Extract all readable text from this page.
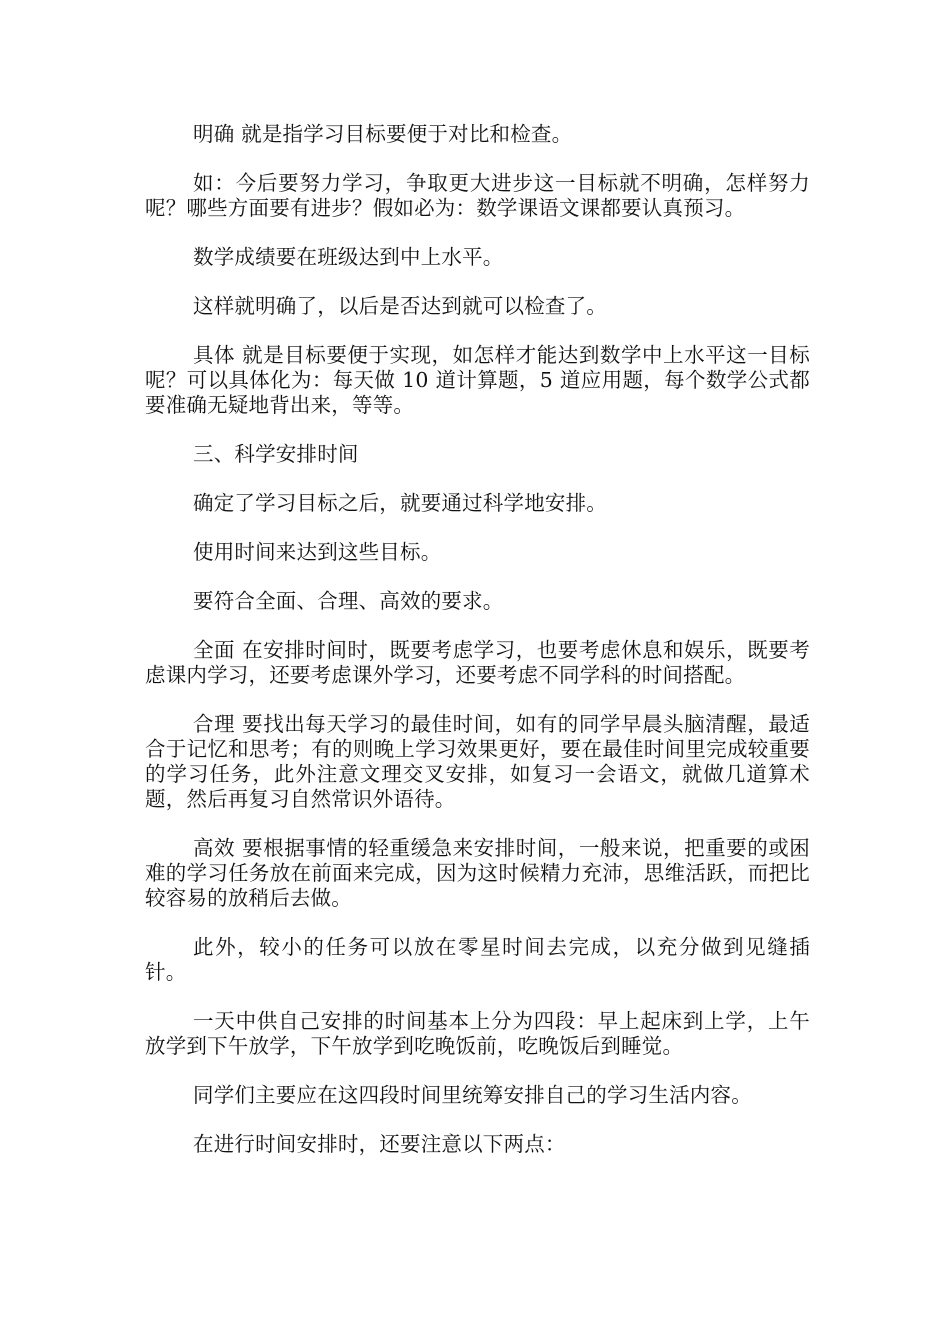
明确 就是指学习目标要便于对比和检查。

如：今后要努力学习，争取更大进步这一目标就不明确，怎样努力呢？哪些方面要有进步？假如必为：数学课语文课都要认真预习。

数学成绩要在班级达到中上水平。

这样就明确了，以后是否达到就可以检查了。

具体 就是目标要便于实现，如怎样才能达到数学中上水平这一目标呢？可以具体化为：每天做 10 道计算题，5 道应用题，每个数学公式都要准确无疑地背出来，等等。

三、科学安排时间

确定了学习目标之后，就要通过科学地安排。

使用时间来达到这些目标。

要符合全面、合理、高效的要求。

全面 在安排时间时，既要考虑学习，也要考虑休息和娱乐，既要考虑课内学习，还要考虑课外学习，还要考虑不同学科的时间搭配。

合理 要找出每天学习的最佳时间，如有的同学早晨头脑清醒，最适合于记忆和思考；有的则晚上学习效果更好，要在最佳时间里完成较重要的学习任务，此外注意文理交叉安排，如复习一会语文，就做几道算术题，然后再复习自然常识外语待。

高效 要根据事情的轻重缓急来安排时间，一般来说，把重要的或困难的学习任务放在前面来完成，因为这时候精力充沛，思维活跃，而把比较容易的放稍后去做。

此外，较小的任务可以放在零星时间去完成，以充分做到见缝插针。

一天中供自己安排的时间基本上分为四段：早上起床到上学，上午放学到下午放学，下午放学到吃晚饭前，吃晚饭后到睡觉。

同学们主要应在这四段时间里统筹安排自己的学习生活内容。

在进行时间安排时，还要注意以下两点：
